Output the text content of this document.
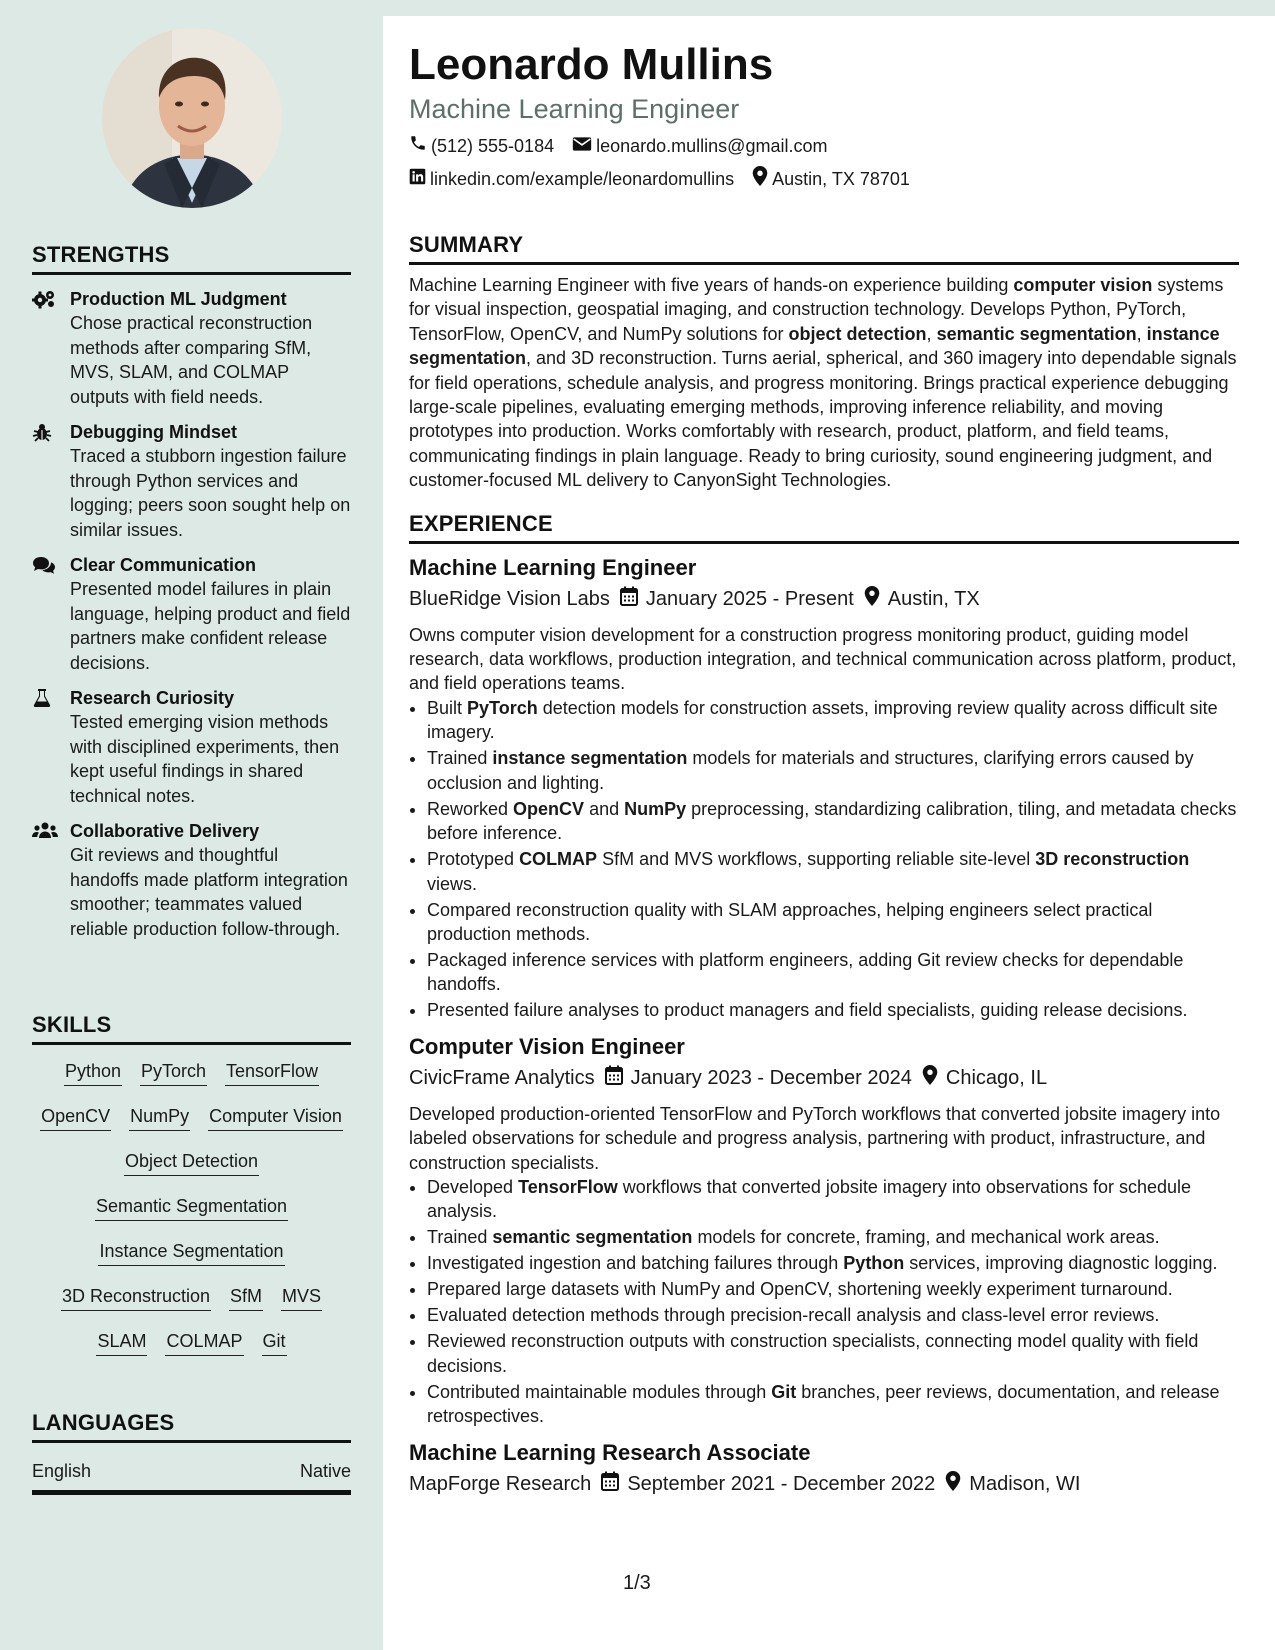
STRENGTHS
Production ML Judgment
Chose practical reconstruction methods after comparing SfM, MVS, SLAM, and COLMAP outputs with field needs.
Debugging Mindset
Traced a stubborn ingestion failure through Python services and logging; peers soon sought help on similar issues.
Clear Communication
Presented model failures in plain language, helping product and field partners make confident release decisions.
Research Curiosity
Tested emerging vision methods with disciplined experiments, then kept useful findings in shared technical notes.
Collaborative Delivery
Git reviews and thoughtful handoffs made platform integration smoother; teammates valued reliable production follow-through.
SKILLS
Python PyTorch TensorFlow
OpenCV NumPy Computer Vision
Object Detection
Semantic Segmentation
Instance Segmentation
3D Reconstruction SfM MVS
SLAM COLMAP Git
LANGUAGES
English	Native
Leonardo Mullins
Machine Learning Engineer
(512) 555-0184 leonardo.mullins@gmail.com
linkedin.com/example/leonardomullins Austin, TX 78701
SUMMARY
Machine Learning Engineer with five years of hands-on experience building computer vision systems for visual inspection, geospatial imaging, and construction technology. Develops Python, PyTorch, TensorFlow, OpenCV, and NumPy solutions for object detection, semantic segmentation, instance segmentation, and 3D reconstruction. Turns aerial, spherical, and 360 imagery into dependable signals for field operations, schedule analysis, and progress monitoring. Brings practical experience debugging large-scale pipelines, evaluating emerging methods, improving inference reliability, and moving prototypes into production. Works comfortably with research, product, platform, and field teams, communicating findings in plain language. Ready to bring curiosity, sound engineering judgment, and customer-focused ML delivery to CanyonSight Technologies.
EXPERIENCE
Machine Learning Engineer
BlueRidge Vision Labs January 2025 - Present Austin, TX
Owns computer vision development for a construction progress monitoring product, guiding model research, data workflows, production integration, and technical communication across platform, product, and field operations teams.
• Built PyTorch detection models for construction assets, improving review quality across difficult site imagery.
• Trained instance segmentation models for materials and structures, clarifying errors caused by occlusion and lighting.
• Reworked OpenCV and NumPy preprocessing, standardizing calibration, tiling, and metadata checks before inference.
• Prototyped COLMAP SfM and MVS workflows, supporting reliable site-level 3D reconstruction views.
• Compared reconstruction quality with SLAM approaches, helping engineers select practical production methods.
• Packaged inference services with platform engineers, adding Git review checks for dependable handoffs.
• Presented failure analyses to product managers and field specialists, guiding release decisions.
Computer Vision Engineer
CivicFrame Analytics January 2023 - December 2024 Chicago, IL
Developed production-oriented TensorFlow and PyTorch workflows that converted jobsite imagery into labeled observations for schedule and progress analysis, partnering with product, infrastructure, and construction specialists.
• Developed TensorFlow workflows that converted jobsite imagery into observations for schedule analysis.
• Trained semantic segmentation models for concrete, framing, and mechanical work areas.
• Investigated ingestion and batching failures through Python services, improving diagnostic logging.
• Prepared large datasets with NumPy and OpenCV, shortening weekly experiment turnaround.
• Evaluated detection methods through precision-recall analysis and class-level error reviews.
• Reviewed reconstruction outputs with construction specialists, connecting model quality with field decisions.
• Contributed maintainable modules through Git branches, peer reviews, documentation, and release retrospectives.
Machine Learning Research Associate
MapForge Research September 2021 - December 2022 Madison, WI
1/3
